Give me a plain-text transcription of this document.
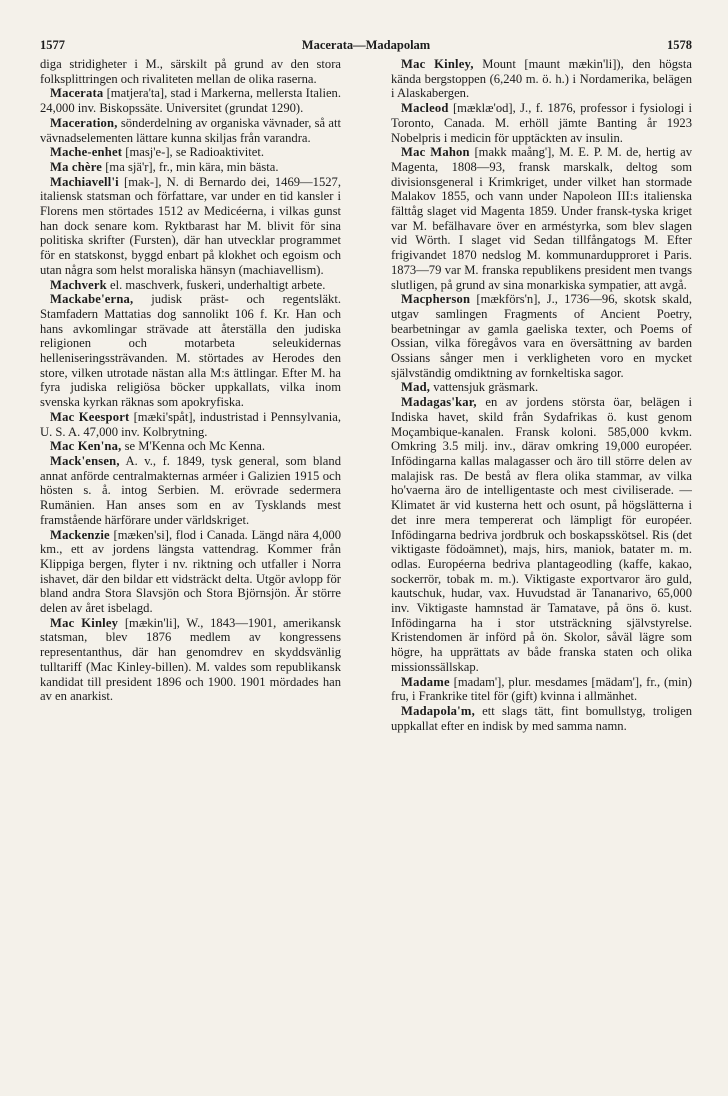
1577	Macerata—Madapolam	1578

diga stridigheter i M., särskilt på grund av den stora folksplittringen och rivaliteten mellan de olika raserna.

Macerata [matjera'ta], stad i Markerna, mellersta Italien. 24,000 inv. Biskopssäte. Universitet (grundat 1290).

Maceration, sönderdelning av organiska vävnader, så att vävnadselementen lättare kunna skiljas från varandra.

Mache-enhet [masj'e-], se Radioaktivitet.

Ma chère [ma sjä'r], fr., min kära, min bästa.

Machiavell'i [mak-], N. di Bernardo dei, 1469—1527, italiensk statsman och författare, var under en tid kansler i Florens men störtades 1512 av Medicéerna, i vilkas gunst han dock senare kom. Ryktbarast har M. blivit för sina politiska skrifter (Fursten), där han utvecklar programmet för en statskonst, byggd enbart på klokhet och egoism och utan några som helst moraliska hänsyn (machiavellism).

Machverk el. maschverk, fuskeri, underhaltigt arbete.

Mackabe'erna, judisk präst- och regentsläkt. Stamfadern Mattatias dog sannolikt 106 f. Kr. Han och hans avkomlingar strävade att återställa den judiska religionen och motarbeta seleukidernas helleniseringssträvanden. M. störtades av Herodes den store, vilken utrotade nästan alla M:s ättlingar. Efter M. ha fyra judiska religiösa böcker uppkallats, vilka inom svenska kyrkan räknas som apokryfiska.

Mac Keesport [mæki'spåt], industristad i Pennsylvania, U. S. A. 47,000 inv. Kolbrytning.

Mac Ken'na, se M'Kenna och Mc Kenna.

Mack'ensen, A. v., f. 1849, tysk general, som bland annat anförde centralmakternas arméer i Galizien 1915 och hösten s. å. intog Serbien. M. erövrade sedermera Rumänien. Han anses som en av Tysklands mest framstående härförare under världskriget.

Mackenzie [mæken'si], flod i Canada. Längd nära 4,000 km., ett av jordens längsta vattendrag. Kommer från Klippiga bergen, flyter i nv. riktning och utfaller i Norra ishavet, där den bildar ett vidsträckt delta. Utgör avlopp för bland andra Stora Slavsjön och Stora Björnsjön. Är större delen av året isbelagd.

Mac Kinley [mækin'li], W., 1843—1901, amerikansk statsman, blev 1876 medlem av kongressens representanthus, där han genomdrev en skyddsvänlig tulltariff (Mac Kinley-billen). M. valdes som republikansk kandidat till president 1896 och 1900. 1901 mördades han av en anarkist.

Mac Kinley, Mount [maunt mækin'li]), den högsta kända bergstoppen (6,240 m. ö. h.) i Nordamerika, belägen i Alaskabergen.

Macleod [mæklæ'od], J., f. 1876, professor i fysiologi i Toronto, Canada. M. erhöll jämte Banting år 1923 Nobelpris i medicin för upptäckten av insulin.

Mac Mahon [makk maång'], M. E. P. M. de, hertig av Magenta, 1808—93, fransk marskalk, deltog som divisionsgeneral i Krimkriget, under vilket han stormade Malakov 1855, och vann under Napoleon III:s italienska fälttåg slaget vid Magenta 1859. Under fransk-tyska kriget var M. befälhavare över en arméstyrka, som blev slagen vid Wörth. I slaget vid Sedan tillfångatogs M. Efter frigivandet 1870 nedslog M. kommunardupproret i Paris. 1873—79 var M. franska republikens president men tvangs slutligen, på grund av sina monarkiska sympatier, att avgå.

Macpherson [mækförs'n], J., 1736—96, skotsk skald, utgav samlingen Fragments of Ancient Poetry, bearbetningar av gamla gaeliska texter, och Poems of Ossian, vilka föregåvos vara en översättning av barden Ossians sånger men i verkligheten voro en mycket självständig omdiktning av fornkeltiska sagor.

Mad, vattensjuk gräsmark.

Madagas'kar, en av jordens största öar, belägen i Indiska havet, skild från Sydafrikas ö. kust genom Moçambique-kanalen. Fransk koloni. 585,000 kvkm. Omkring 3.5 milj. inv., därav omkring 19,000 européer. Infödingarna kallas malagasser och äro till större delen av malajisk ras. De bestå av flera olika stammar, av vilka ho'vaerna äro de intelligentaste och mest civiliserade. — Klimatet är vid kusterna hett och osunt, på högslätterna i det inre mera tempererat och lämpligt för européer. Infödingarna bedriva jordbruk och boskapsskötsel. Ris (det viktigaste födoämnet), majs, hirs, maniok, batater m. m. odlas. Européerna bedriva plantageodling (kaffe, kakao, sockerrör, tobak m. m.). Viktigaste exportvaror äro guld, kautschuk, hudar, vax. Huvudstad är Tananarivo, 65,000 inv. Viktigaste hamnstad är Tamatave, på öns ö. kust. Infödingarna ha i stor utsträckning självstyrelse. Kristendomen är införd på ön. Skolor, såväl lägre som högre, ha upprättats av både franska staten och olika missionssällskap.

Madame [madam'], plur. mesdames [mädam'], fr., (min) fru, i Frankrike titel för (gift) kvinna i allmänhet.

Madapola'm, ett slags tätt, fint bomullstyg, troligen uppkallat efter en indisk by med samma namn.
